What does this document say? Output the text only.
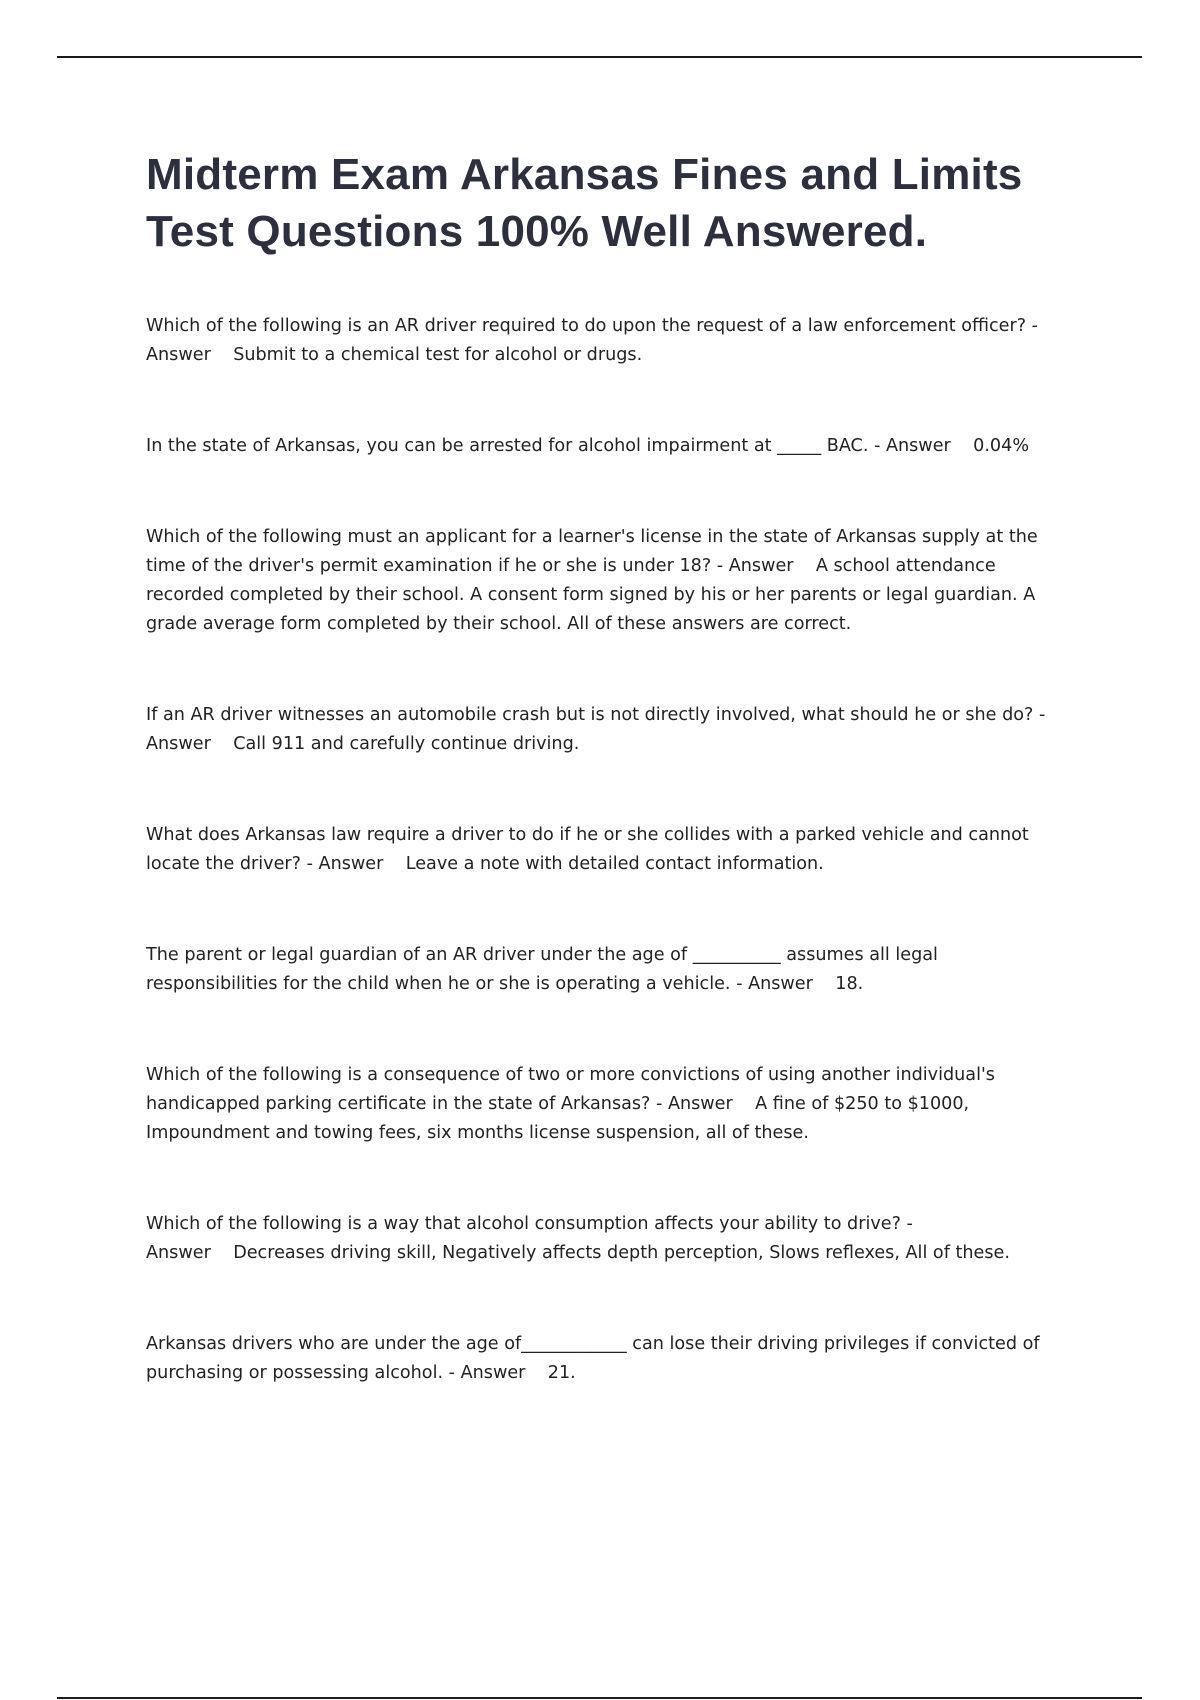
Midterm Exam Arkansas Fines and Limits Test Questions 100% Well Answered.
Which of the following is an AR driver required to do upon the request of a law enforcement officer? - Answer Submit to a chemical test for alcohol or drugs.
In the state of Arkansas, you can be arrested for alcohol impairment at _____ BAC. - Answer 0.04%
Which of the following must an applicant for a learner's license in the state of Arkansas supply at the time of the driver's permit examination if he or she is under 18? - Answer A school attendance recorded completed by their school. A consent form signed by his or her parents or legal guardian. A grade average form completed by their school. All of these answers are correct.
If an AR driver witnesses an automobile crash but is not directly involved, what should he or she do? - Answer Call 911 and carefully continue driving.
What does Arkansas law require a driver to do if he or she collides with a parked vehicle and cannot locate the driver? - Answer Leave a note with detailed contact information.
The parent or legal guardian of an AR driver under the age of __________ assumes all legal responsibilities for the child when he or she is operating a vehicle. - Answer 18.
Which of the following is a consequence of two or more convictions of using another individual's handicapped parking certificate in the state of Arkansas? - Answer A fine of $250 to $1000, Impoundment and towing fees, six months license suspension, all of these.
Which of the following is a way that alcohol consumption affects your ability to drive? - Answer Decreases driving skill, Negatively affects depth perception, Slows reflexes, All of these.
Arkansas drivers who are under the age of____________ can lose their driving privileges if convicted of purchasing or possessing alcohol. - Answer 21.
